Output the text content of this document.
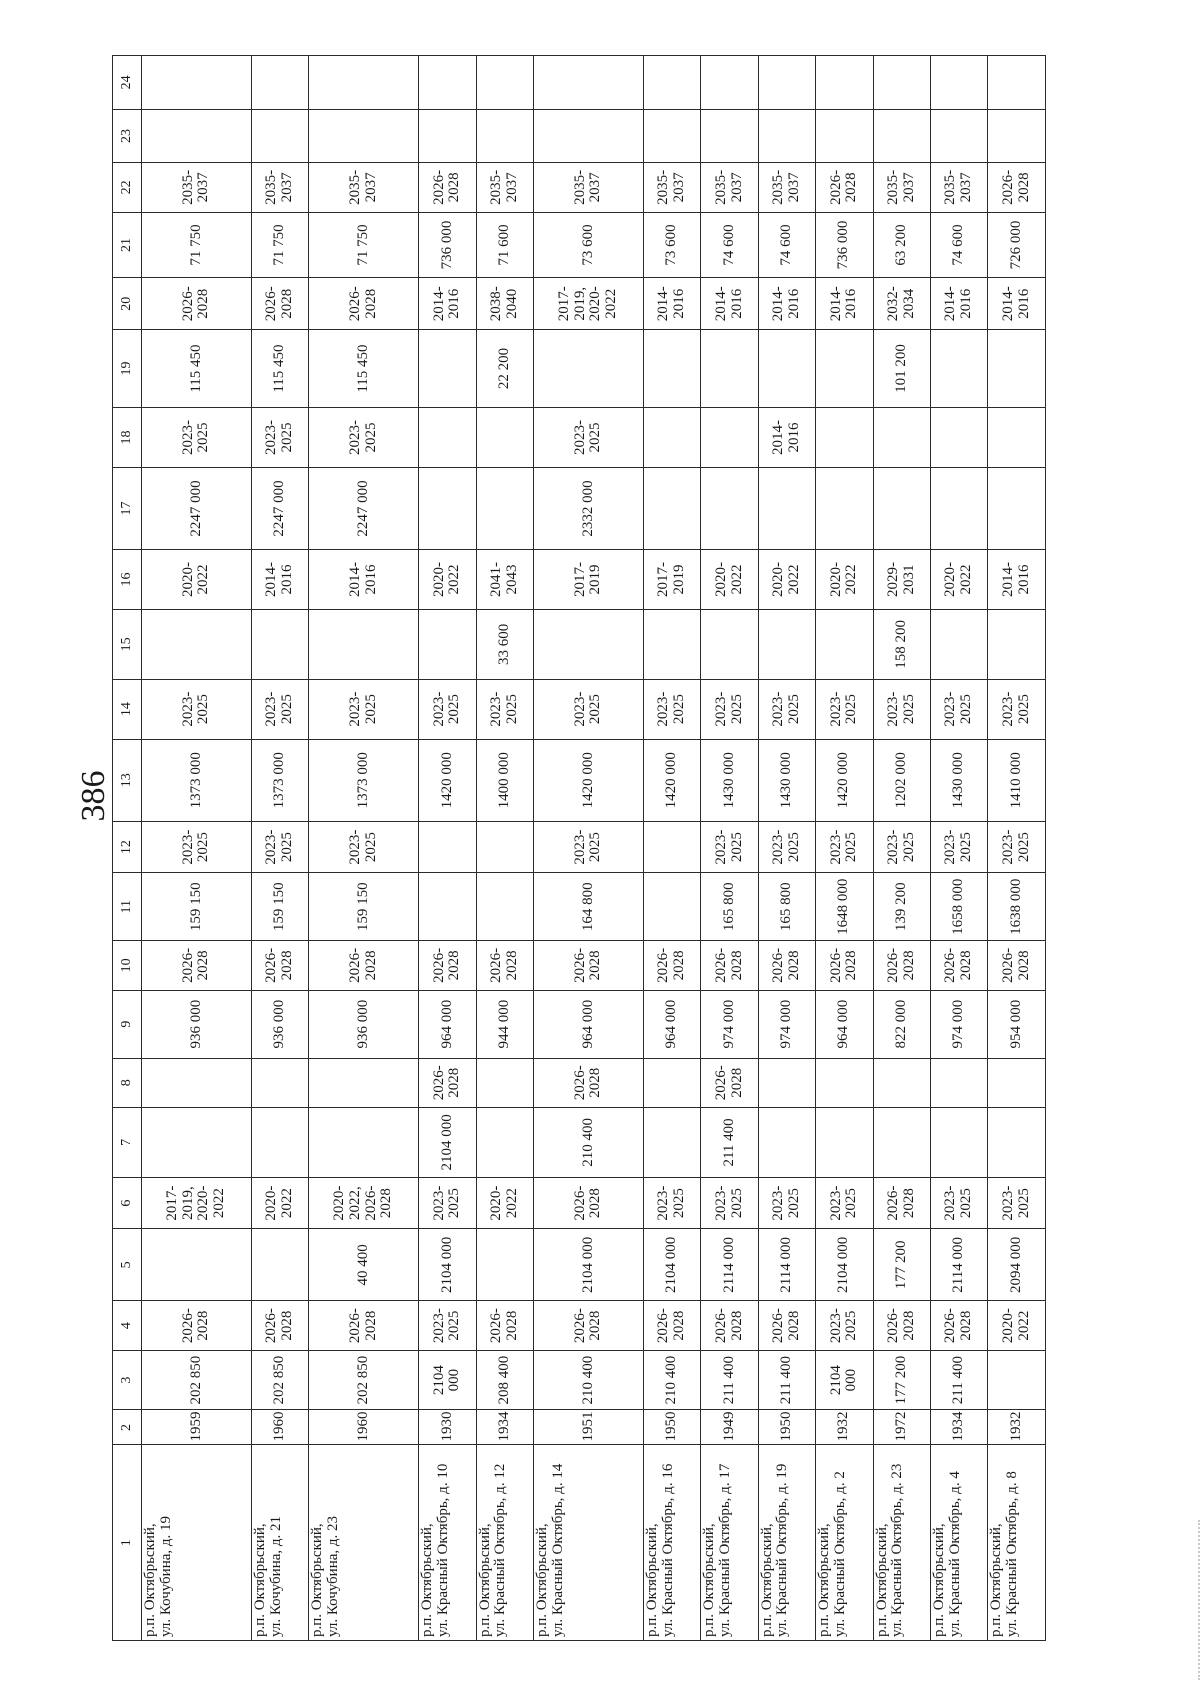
386
1	2	3	4	5	6	7	8	9	10	11	12	13	14	15	16	17	18	19	20	21	22	23	24
р.п. Октябрьский,
ул. Кочубина, д. 19	1959	202 850	2026-
2028		2017-
2019,
2020-
2022			936 000	2026-
2028	159 150	2023-
2025	1373 000	2023-
2025		2020-
2022	2247 000	2023-
2025	115 450	2026-
2028	71 750	2035-
2037		
р.п. Октябрьский,
ул. Кочубина, д. 21	1960	202 850	2026-
2028		2020-
2022			936 000	2026-
2028	159 150	2023-
2025	1373 000	2023-
2025		2014-
2016	2247 000	2023-
2025	115 450	2026-
2028	71 750	2035-
2037		
р.п. Октябрьский,
ул. Кочубина, д. 23	1960	202 850	2026-
2028	40 400	2020-
2022,
2026-
2028			936 000	2026-
2028	159 150	2023-
2025	1373 000	2023-
2025		2014-
2016	2247 000	2023-
2025	115 450	2026-
2028	71 750	2035-
2037		
р.п. Октябрьский,
ул. Красный Октябрь, д. 10	1930	2104
000	2023-
2025	2104 000	2023-
2025	2104 000	2026-
2028	964 000	2026-
2028			1420 000	2023-
2025		2020-
2022				2014-
2016	736 000	2026-
2028		
р.п. Октябрьский,
ул. Красный Октябрь, д. 12	1934	208 400	2026-
2028		2020-
2022			944 000	2026-
2028			1400 000	2023-
2025	33 600	2041-
2043			22 200	2038-
2040	71 600	2035-
2037		
р.п. Октябрьский,
ул. Красный Октябрь, д. 14	1951	210 400	2026-
2028	2104 000	2026-
2028	210 400	2026-
2028	964 000	2026-
2028	164 800	2023-
2025	1420 000	2023-
2025		2017-
2019	2332 000	2023-
2025		2017-
2019,
2020-
2022	73 600	2035-
2037		
р.п. Октябрьский,
ул. Красный Октябрь, д. 16	1950	210 400	2026-
2028	2104 000	2023-
2025			964 000	2026-
2028			1420 000	2023-
2025		2017-
2019				2014-
2016	73 600	2035-
2037		
р.п. Октябрьский,
ул. Красный Октябрь, д. 17	1949	211 400	2026-
2028	2114 000	2023-
2025	211 400	2026-
2028	974 000	2026-
2028	165 800	2023-
2025	1430 000	2023-
2025		2020-
2022				2014-
2016	74 600	2035-
2037		
р.п. Октябрьский,
ул. Красный Октябрь, д. 19	1950	211 400	2026-
2028	2114 000	2023-
2025			974 000	2026-
2028	165 800	2023-
2025	1430 000	2023-
2025		2020-
2022		2014-
2016		2014-
2016	74 600	2035-
2037		
р.п. Октябрьский,
ул. Красный Октябрь, д. 2	1932	2104
000	2023-
2025	2104 000	2023-
2025			964 000	2026-
2028	1648 000	2023-
2025	1420 000	2023-
2025		2020-
2022				2014-
2016	736 000	2026-
2028		
р.п. Октябрьский,
ул. Красный Октябрь, д. 23	1972	177 200	2026-
2028	177 200	2026-
2028			822 000	2026-
2028	139 200	2023-
2025	1202 000	2023-
2025	158 200	2029-
2031			101 200	2032-
2034	63 200	2035-
2037		
р.п. Октябрьский,
ул. Красный Октябрь, д. 4	1934	211 400	2026-
2028	2114 000	2023-
2025			974 000	2026-
2028	1658 000	2023-
2025	1430 000	2023-
2025		2020-
2022				2014-
2016	74 600	2035-
2037		
р.п. Октябрьский,
ул. Красный Октябрь, д. 8	1932		2020-
2022	2094 000	2023-
2025			954 000	2026-
2028	1638 000	2023-
2025	1410 000	2023-
2025		2014-
2016				2014-
2016	726 000	2026-
2028		
